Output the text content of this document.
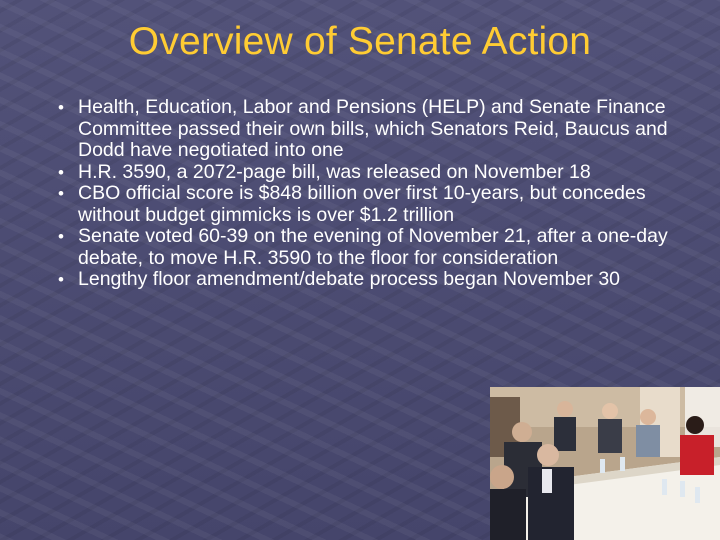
Overview of Senate Action
• Health, Education, Labor and Pensions (HELP) and Senate Finance Committee passed their own bills, which Senators Reid, Baucus and Dodd have negotiated into one
• H.R. 3590, a 2072-page bill, was released on November 18
• CBO official score is $848 billion over first 10-years, but concedes without budget gimmicks is over $1.2 trillion
• Senate voted 60-39 on the evening of November 21, after a one-day debate, to move H.R. 3590 to the floor for consideration
• Lengthy floor amendment/debate process began November 30
